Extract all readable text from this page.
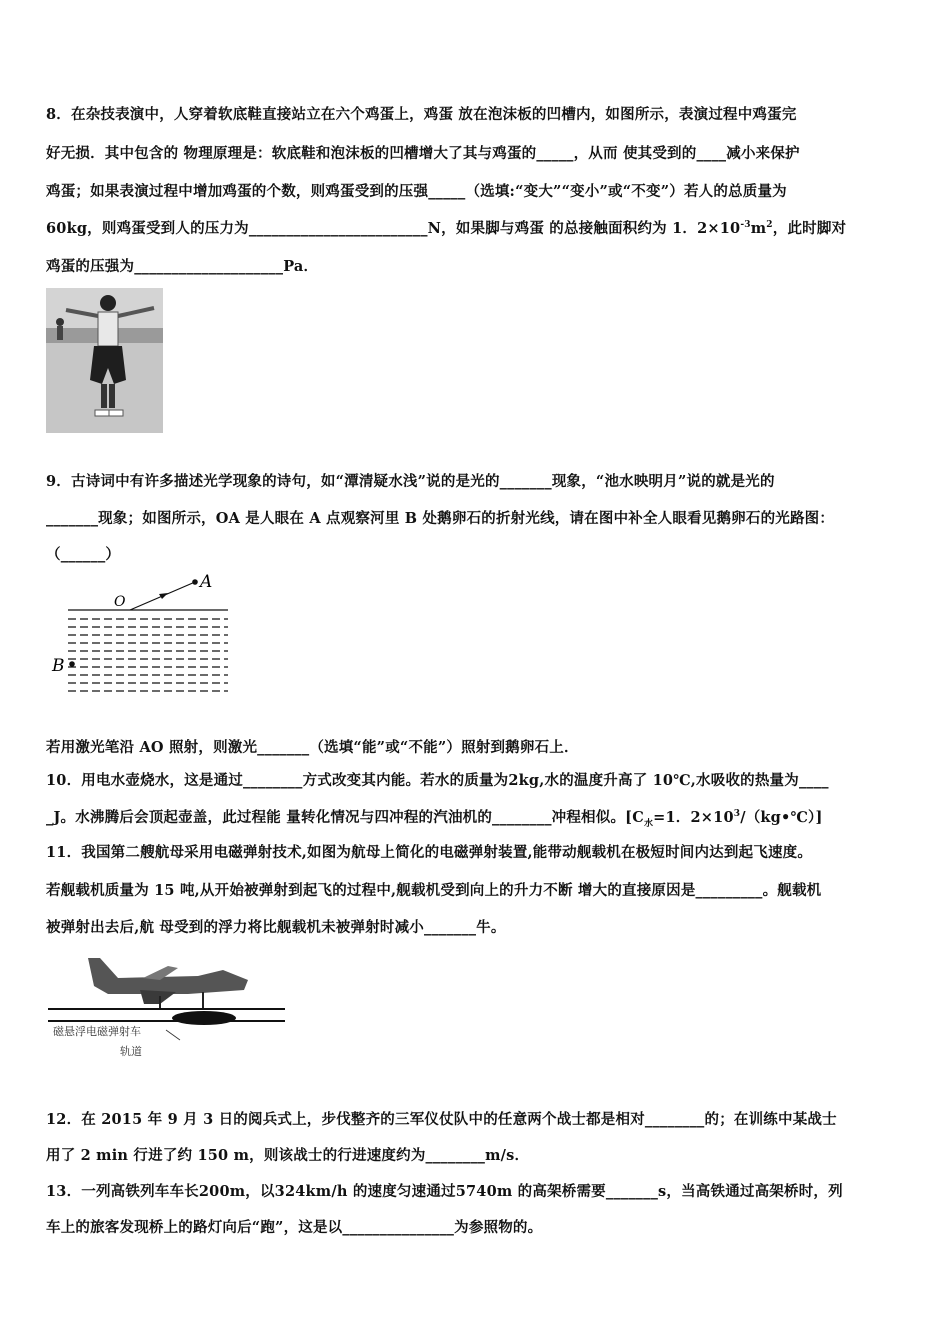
8．在杂技表演中，人穿着软底鞋直接站立在六个鸡蛋上，鸡蛋 放在泡沫板的凹槽内，如图所示，表演过程中鸡蛋完
好无损．其中包含的 物理原理是：软底鞋和泡沫板的凹槽增大了其与鸡蛋的_____，从而 使其受到的____减小来保护
鸡蛋；如果表演过程中增加鸡蛋的个数，则鸡蛋受到的压强_____（选填:“变大”“变小”或“不变”）若人的总质量为
60kg，则鸡蛋受到人的压力为________________________N，如果脚与鸡蛋 的总接触面积约为 1．$2\times 10^{-3}m^2$，此时脚对
鸡蛋的压强为____________________Pa．
9．古诗词中有许多描述光学现象的诗句，如“潭清疑水浅”说的是光的_______现象，“池水映明月”说的就是光的
_______现象；如图所示，OA 是人眼在 A 点观察河里 B 处鹅卵石的折射光线，请在图中补全人眼看见鹅卵石的光路图：
（______）
O
A
B
若用激光笔沿 AO 照射，则激光_______（选填“能”或“不能”）照射到鹅卵石上．
10．用电水壶烧水，这是通过________方式改变其内能。若水的质量为2kg,水的温度升高了 10℃,水吸收的热量为____
_J。水沸腾后会顶起壶盖，此过程能 量转化情况与四冲程的汽油机的________冲程相似。[$C_水=1$．$2\times 10^3/(kg•℃)$]
11．我国第二艘航母采用电磁弹射技术,如图为航母上简化的电磁弹射装置,能带动舰载机在极短时间内达到起飞速度。
若舰载机质量为 15 吨,从开始被弹射到起飞的过程中,舰载机受到向上的升力不断 增大的直接原因是_________。舰载机
被弹射出去后,航 母受到的浮力将比舰载机未被弹射时减小_______牛。
磁悬浮电磁弹射车
轨道
12．在 2015 年 9 月 3 日的阅兵式上，步伐整齐的三军仪仗队中的任意两个战士都是相对________的；在训练中某战士
用了 2 min 行进了约 150 m，则该战士的行进速度约为________m/s．
13．一列高铁列车车长200m，以324km/h 的速度匀速通过5740m 的高架桥需要_______s，当高铁通过高架桥时，列
车上的旅客发现桥上的路灯向后“跑”，这是以_______________为参照物的。
